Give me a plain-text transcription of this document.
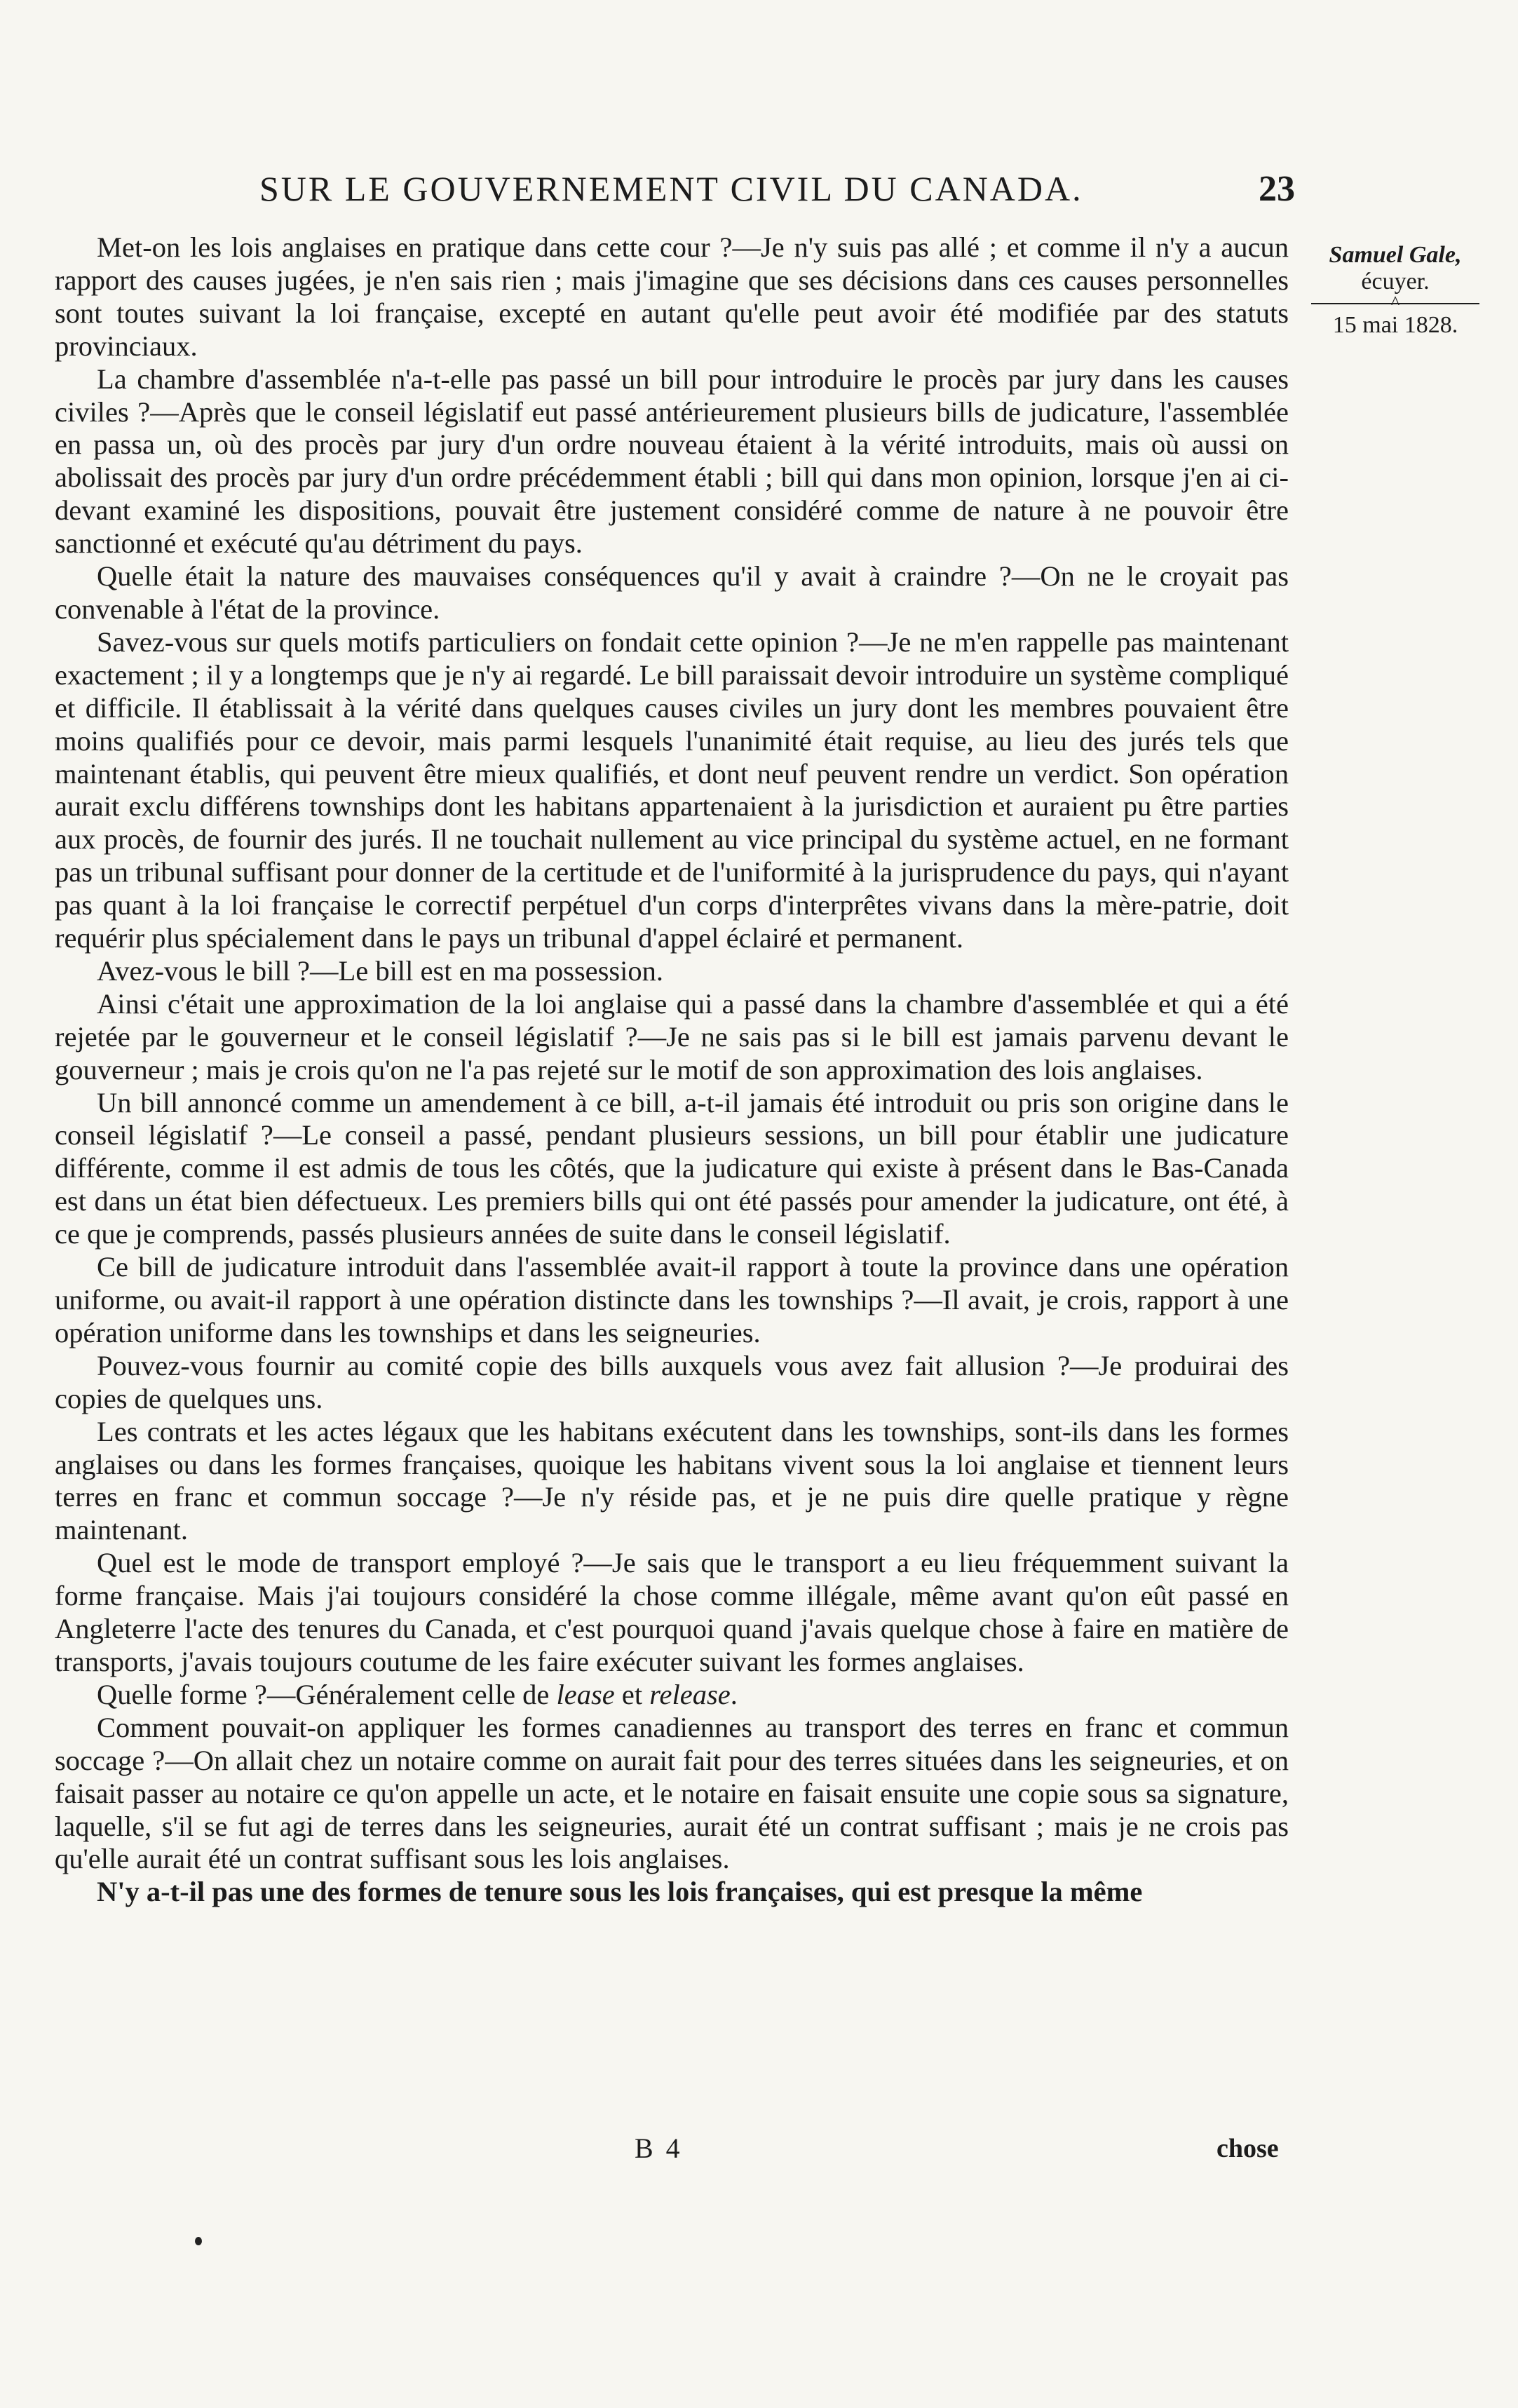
SUR LE GOUVERNEMENT CIVIL DU CANADA.	23
Samuel Gale,
écuyer.
^
15 mai 1828.

Met-on les lois anglaises en pratique dans cette cour ?—Je n'y suis pas allé ; et comme il n'y a aucun rapport des causes jugées, je n'en sais rien ; mais j'imagine que ses décisions dans ces causes personnelles sont toutes suivant la loi française, excepté en autant qu'elle peut avoir été modifiée par des statuts provinciaux.

La chambre d'assemblée n'a-t-elle pas passé un bill pour introduire le procès par jury dans les causes civiles ?—Après que le conseil législatif eut passé antérieurement plusieurs bills de judicature, l'assemblée en passa un, où des procès par jury d'un ordre nouveau étaient à la vérité introduits, mais où aussi on abolissait des procès par jury d'un ordre précédemment établi ; bill qui dans mon opinion, lorsque j'en ai ci-devant examiné les dispositions, pouvait être justement considéré comme de nature à ne pouvoir être sanctionné et exécuté qu'au détriment du pays.

Quelle était la nature des mauvaises conséquences qu'il y avait à craindre ?—On ne le croyait pas convenable à l'état de la province.

Savez-vous sur quels motifs particuliers on fondait cette opinion ?—Je ne m'en rappelle pas maintenant exactement ; il y a longtemps que je n'y ai regardé. Le bill paraissait devoir introduire un système compliqué et difficile. Il établissait à la vérité dans quelques causes civiles un jury dont les membres pouvaient être moins qualifiés pour ce devoir, mais parmi lesquels l'unanimité était requise, au lieu des jurés tels que maintenant établis, qui peuvent être mieux qualifiés, et dont neuf peuvent rendre un verdict. Son opération aurait exclu différens townships dont les habitans appartenaient à la jurisdiction et auraient pu être parties aux procès, de fournir des jurés. Il ne touchait nullement au vice principal du système actuel, en ne formant pas un tribunal suffisant pour donner de la certitude et de l'uniformité à la jurisprudence du pays, qui n'ayant pas quant à la loi française le correctif perpétuel d'un corps d'interprêtes vivans dans la mère-patrie, doit requérir plus spécialement dans le pays un tribunal d'appel éclairé et permanent.

Avez-vous le bill ?—Le bill est en ma possession.

Ainsi c'était une approximation de la loi anglaise qui a passé dans la chambre d'assemblée et qui a été rejetée par le gouverneur et le conseil législatif ?—Je ne sais pas si le bill est jamais parvenu devant le gouverneur ; mais je crois qu'on ne l'a pas rejeté sur le motif de son approximation des lois anglaises.

Un bill annoncé comme un amendement à ce bill, a-t-il jamais été introduit ou pris son origine dans le conseil législatif ?—Le conseil a passé, pendant plusieurs sessions, un bill pour établir une judicature différente, comme il est admis de tous les côtés, que la judicature qui existe à présent dans le Bas-Canada est dans un état bien défectueux. Les premiers bills qui ont été passés pour amender la judicature, ont été, à ce que je comprends, passés plusieurs années de suite dans le conseil législatif.

Ce bill de judicature introduit dans l'assemblée avait-il rapport à toute la province dans une opération uniforme, ou avait-il rapport à une opération distincte dans les townships ?—Il avait, je crois, rapport à une opération uniforme dans les townships et dans les seigneuries.

Pouvez-vous fournir au comité copie des bills auxquels vous avez fait allusion ?—Je produirai des copies de quelques uns.

Les contrats et les actes légaux que les habitans exécutent dans les townships, sont-ils dans les formes anglaises ou dans les formes françaises, quoique les habitans vivent sous la loi anglaise et tiennent leurs terres en franc et commun soccage ?—Je n'y réside pas, et je ne puis dire quelle pratique y règne maintenant.

Quel est le mode de transport employé ?—Je sais que le transport a eu lieu fréquemment suivant la forme française. Mais j'ai toujours considéré la chose comme illégale, même avant qu'on eût passé en Angleterre l'acte des tenures du Canada, et c'est pourquoi quand j'avais quelque chose à faire en matière de transports, j'avais toujours coutume de les faire exécuter suivant les formes anglaises.

Quelle forme ?—Généralement celle de lease et release.

Comment pouvait-on appliquer les formes canadiennes au transport des terres en franc et commun soccage ?—On allait chez un notaire comme on aurait fait pour des terres situées dans les seigneuries, et on faisait passer au notaire ce qu'on appelle un acte, et le notaire en faisait ensuite une copie sous sa signature, laquelle, s'il se fut agi de terres dans les seigneuries, aurait été un contrat suffisant ; mais je ne crois pas qu'elle aurait été un contrat suffisant sous les lois anglaises.

N'y a-t-il pas une des formes de tenure sous les lois françaises, qui est presque la même

B 4	chose
